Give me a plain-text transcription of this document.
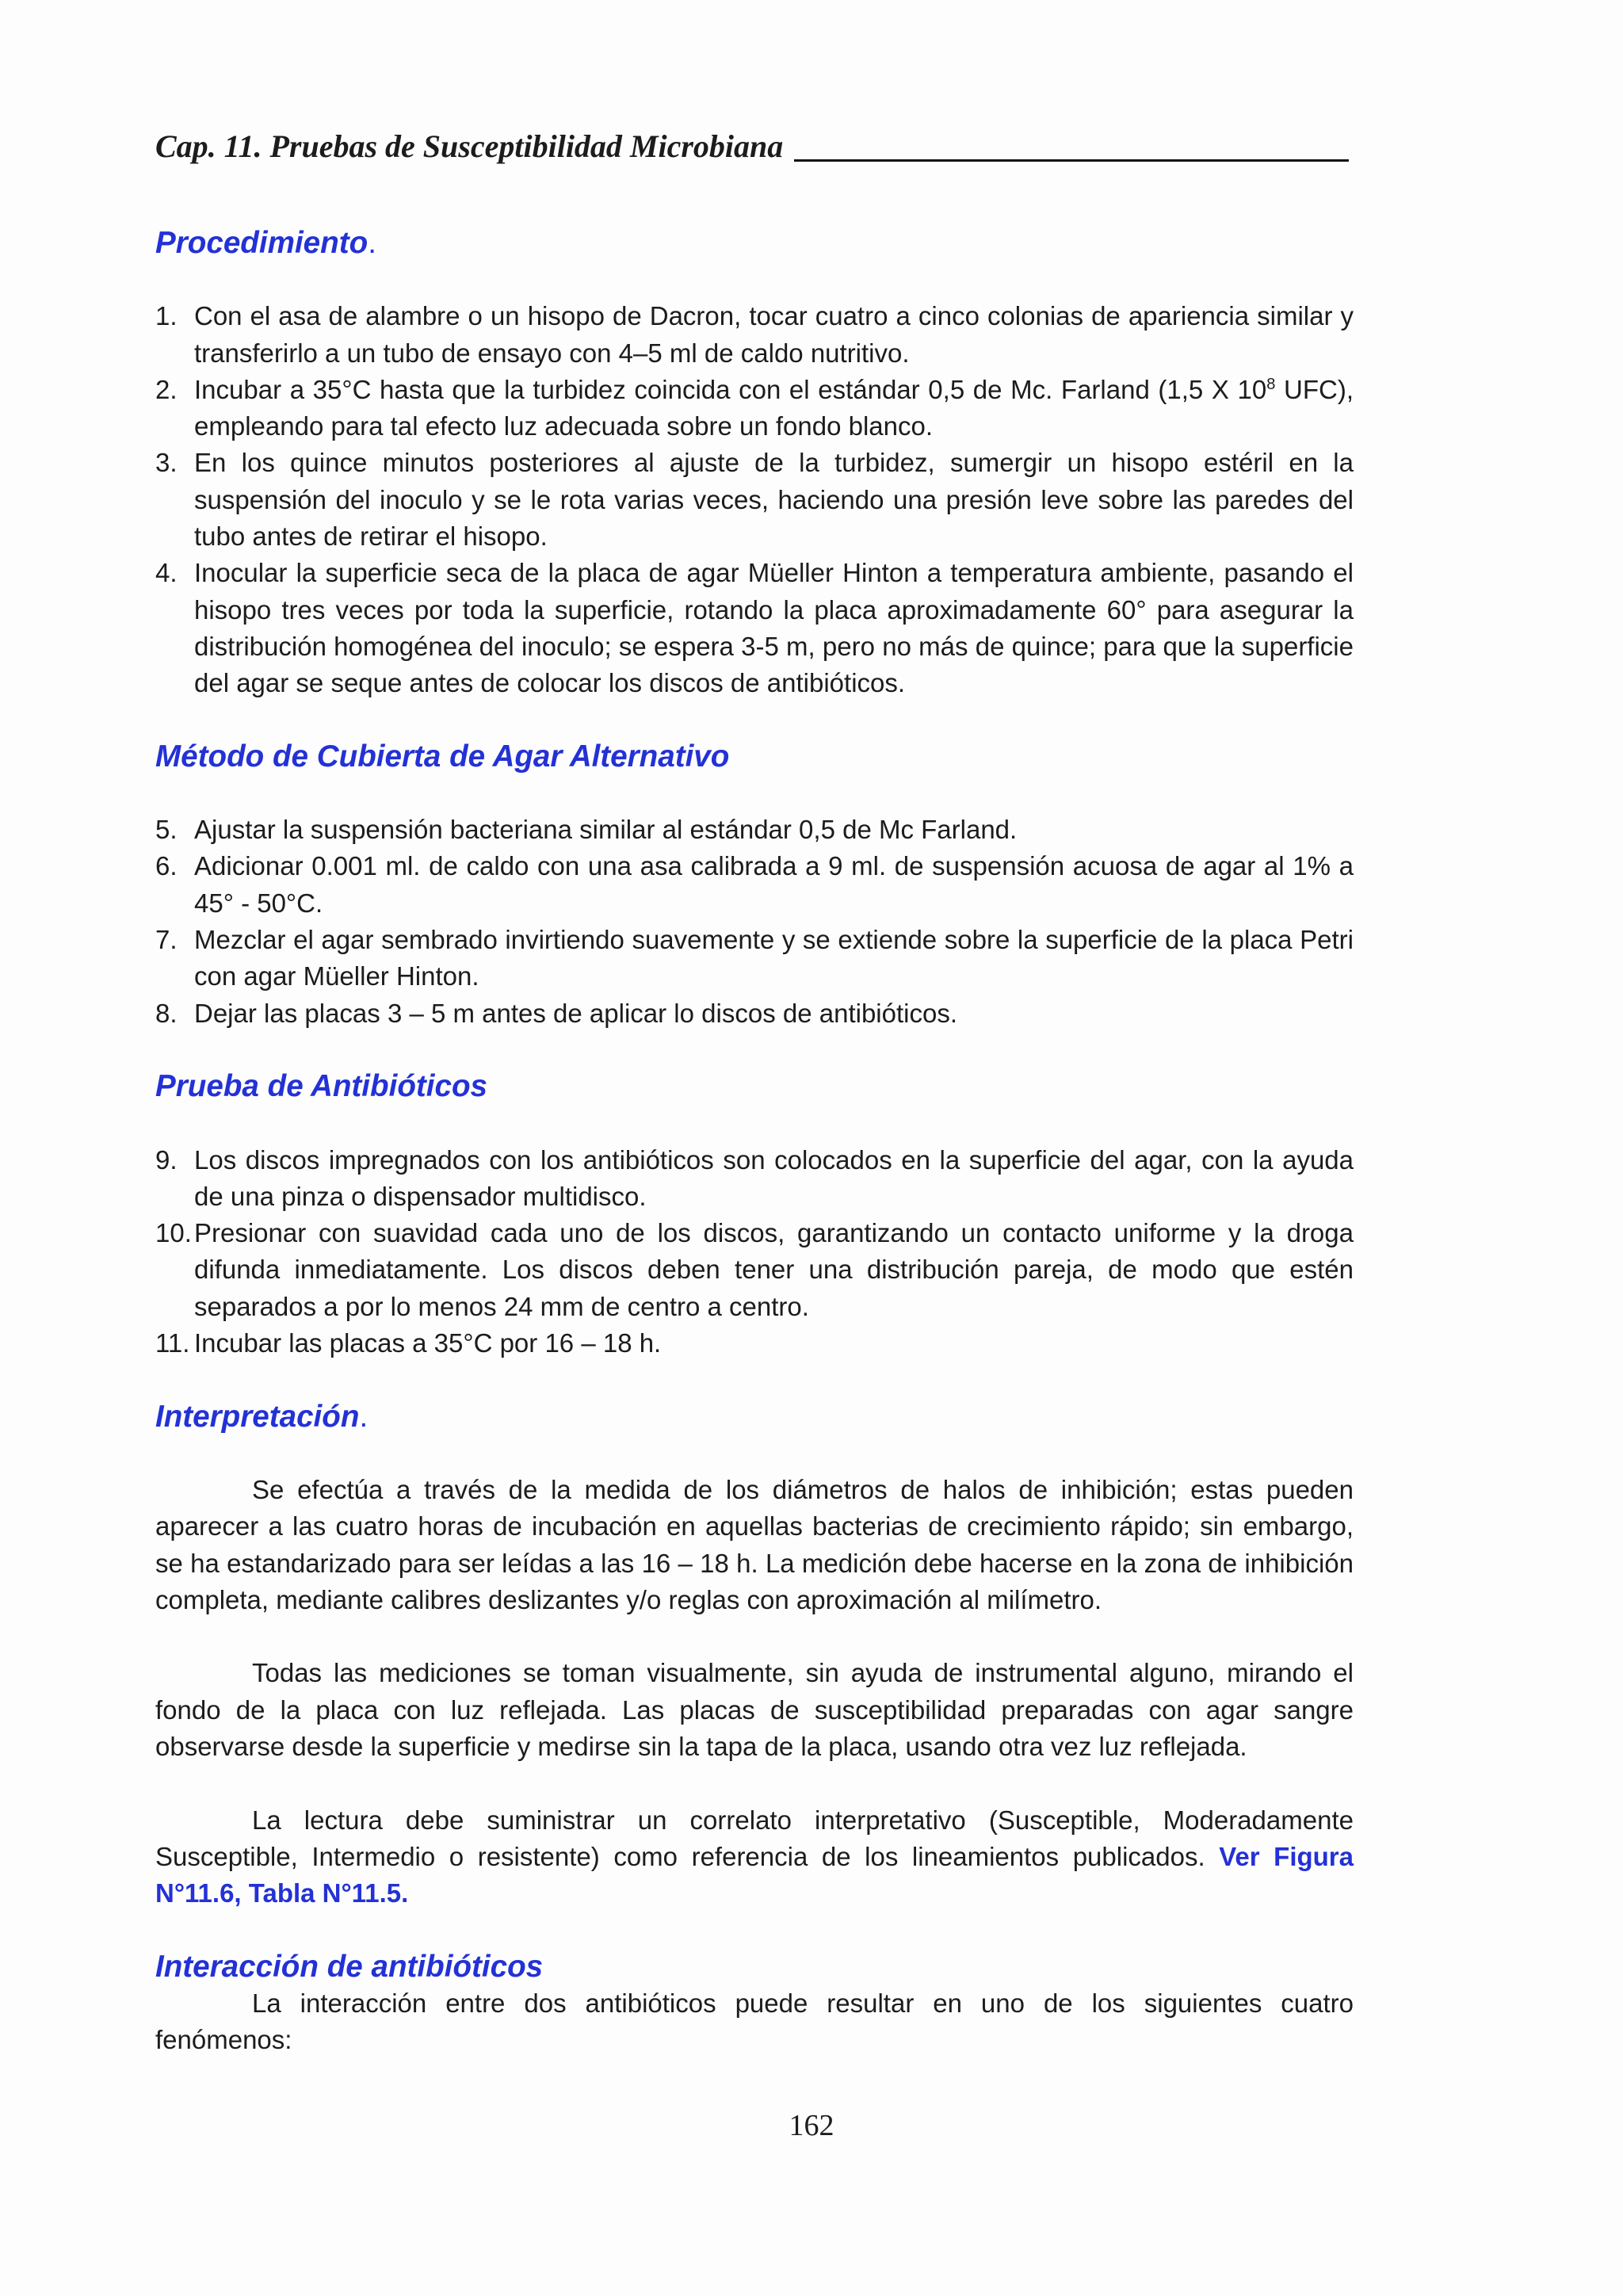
Cap. 11. Pruebas de Susceptibilidad Microbiana
Procedimiento.
1. Con el asa de alambre o un hisopo de Dacron, tocar cuatro a cinco colonias de apariencia similar y transferirlo a un tubo de ensayo con 4–5 ml de caldo nutritivo.
2. Incubar a 35°C hasta que la turbidez coincida con el estándar 0,5 de Mc. Farland (1,5 X $10^8$ UFC), empleando para tal efecto luz adecuada sobre un fondo blanco.
3. En los quince minutos posteriores al ajuste de la turbidez, sumergir un hisopo estéril en la suspensión del inoculo y se le rota varias veces, haciendo una presión leve sobre las paredes del tubo antes de retirar el hisopo.
4. Inocular la superficie seca de la placa de agar Müeller Hinton a temperatura ambiente, pasando el hisopo tres veces por toda la superficie, rotando la placa aproximadamente 60° para asegurar la distribución homogénea del inoculo; se espera 3-5 m, pero no más de quince; para que la superficie del agar se seque antes de colocar los discos de antibióticos.
Método de Cubierta de Agar Alternativo
5. Ajustar la suspensión bacteriana similar al estándar 0,5 de Mc Farland.
6. Adicionar 0.001 ml. de caldo con una asa calibrada a 9 ml. de suspensión acuosa de agar al 1% a 45° - 50°C.
7. Mezclar el agar sembrado invirtiendo suavemente y se extiende sobre la superficie de la placa Petri con agar Müeller Hinton.
8. Dejar las placas 3 – 5 m antes de aplicar lo discos de antibióticos.
Prueba de Antibióticos
9. Los discos impregnados con los antibióticos son colocados en la superficie del agar, con la ayuda de una pinza o dispensador multidisco.
10. Presionar con suavidad cada uno de los discos, garantizando un contacto uniforme y la droga difunda inmediatamente. Los discos deben tener una distribución pareja, de modo que estén separados a por lo menos 24 mm de centro a centro.
11. Incubar las placas a 35°C por 16 – 18 h.
Interpretación.

Se efectúa a través de la medida de los diámetros de halos de inhibición; estas pueden aparecer a las cuatro horas de incubación en aquellas bacterias de crecimiento rápido; sin embargo, se ha estandarizado para ser leídas a las 16 – 18 h. La medición debe hacerse en la zona de inhibición completa, mediante calibres deslizantes y/o reglas con aproximación al milímetro.

Todas las mediciones se toman visualmente, sin ayuda de instrumental alguno, mirando el fondo de la placa con luz reflejada. Las placas de susceptibilidad preparadas con agar sangre observarse desde la superficie y medirse sin la tapa de la placa, usando otra vez luz reflejada.

La lectura debe suministrar un correlato interpretativo (Susceptible, Moderadamente Susceptible, Intermedio o resistente) como referencia de los lineamientos publicados. Ver Figura N°11.6, Tabla N°11.5.

Interacción de antibióticos

La interacción entre dos antibióticos puede resultar en uno de los siguientes cuatro fenómenos:

162
